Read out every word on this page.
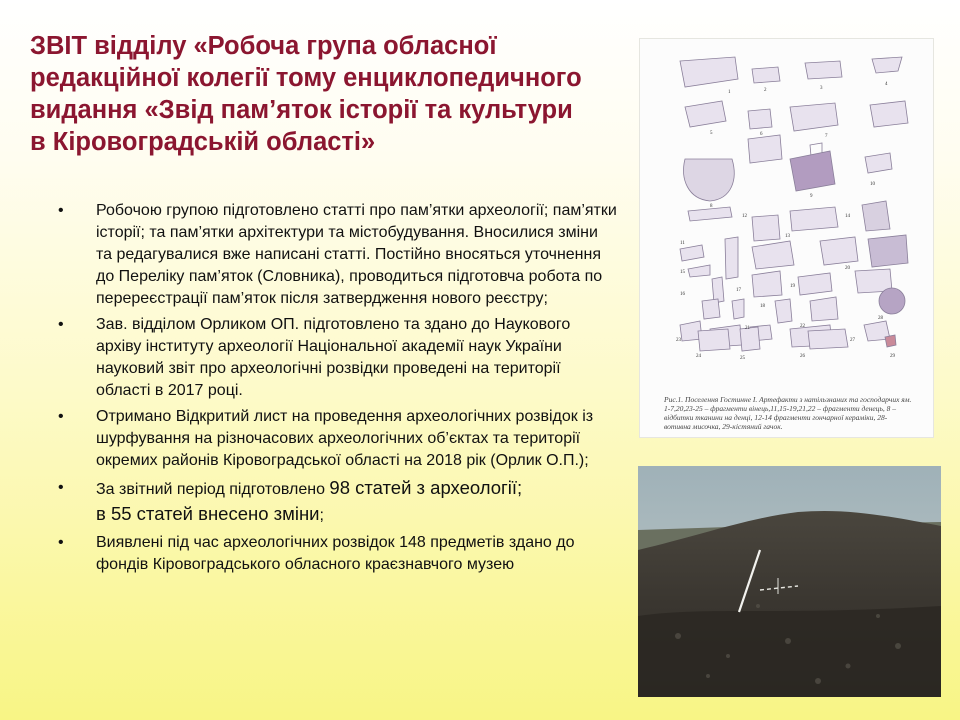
ЗВІТ відділу «Робоча група обласної
редакційної колегії тому енциклопедичного
видання «Звід пам’яток історії та культури
в Кіровоградській області»
• Робочою групою підготовлено статті про пам’ятки археології; пам’ятки історії; та пам’ятки архітектури та містобудування. Вносилися зміни та редагувалися вже написані статті. Постійно вносяться уточнення до Переліку пам’яток (Словника), проводиться підготовча робота по перереєстрації пам’яток після затвердження нового реєстру;
• Зав. відділом Орликом ОП. підготовлено та здано до Наукового архіву інституту археології Національної академії наук України науковий звіт про археологічні розвідки проведені на території області в 2017 році.
• Отримано Відкритий лист на проведення археологічних розвідок із шурфування на різночасових археологічних об’єктах та території окремих районів Кіровоградської області на 2018 рік (Орлик О.П.);
• За звітний період підготовлено 98 статей з археології;
в 55 статей внесено зміни;
• Виявлені під час археологічних розвідок 148 предметів здано до фондів Кіровоградського обласного краєзнавчого музею
1	2	3
4
5	6	7
8
9
10
11
12
13
14
15
16
17
18
19
20
21	22
23
24	25	26
27
28
29
Рис.1. Поселення Гостинне І. Артефакти з натільзнаних та господарчих ям. 1-7,20,23-25 – фрагменти вінець,11,15-19,21,22 – фрагменти денець, 8 – відбитки тканини на денці, 12-14 фрагменти гончарної кераміки, 28-вотивна мисочка, 29-кістяний гачок.
